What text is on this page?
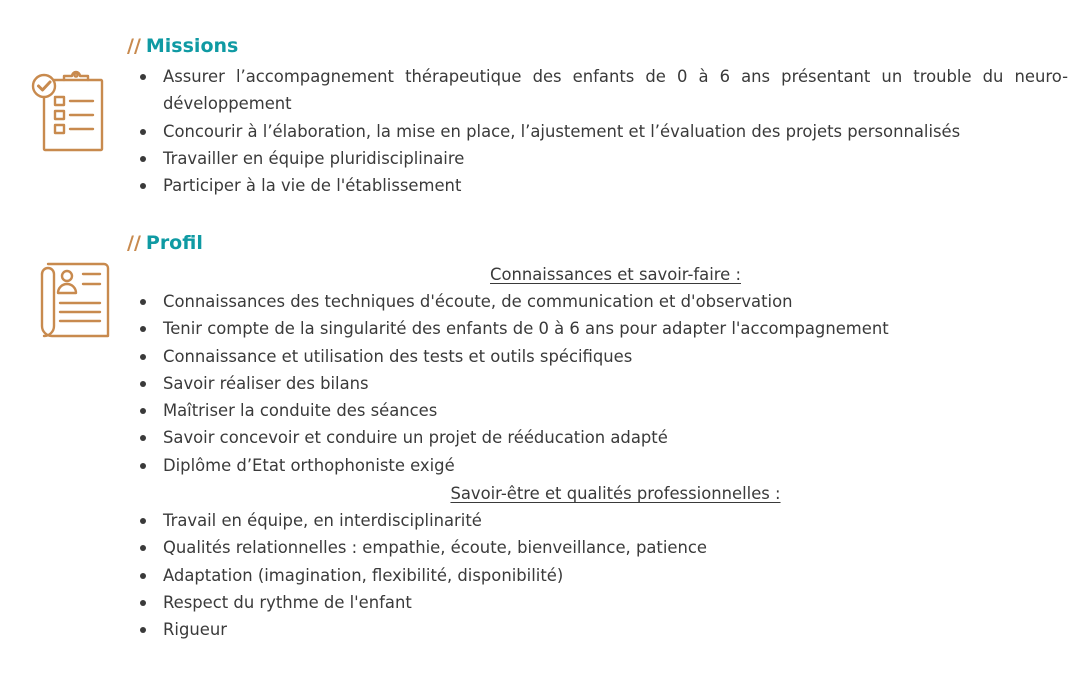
// Missions
Assurer l’accompagnement thérapeutique des enfants de 0 à 6 ans présentant un trouble du neuro-développement
Concourir à l’élaboration, la mise en place, l’ajustement et l’évaluation des projets personnalisés
Travailler en équipe pluridisciplinaire
Participer à la vie de l'établissement
// Profil
Connaissances et savoir-faire :
Connaissances des techniques d'écoute, de communication et d'observation
Tenir compte de la singularité des enfants de 0 à 6 ans pour adapter l'accompagnement
Connaissance et utilisation des tests et outils spécifiques
Savoir réaliser des bilans
Maîtriser la conduite des séances
Savoir concevoir et conduire un projet de rééducation adapté
Diplôme d’Etat orthophoniste exigé
Savoir-être et qualités professionnelles :
Travail en équipe, en interdisciplinarité
Qualités relationnelles : empathie, écoute, bienveillance, patience
Adaptation (imagination, flexibilité, disponibilité)
Respect du rythme de l'enfant
Rigueur
